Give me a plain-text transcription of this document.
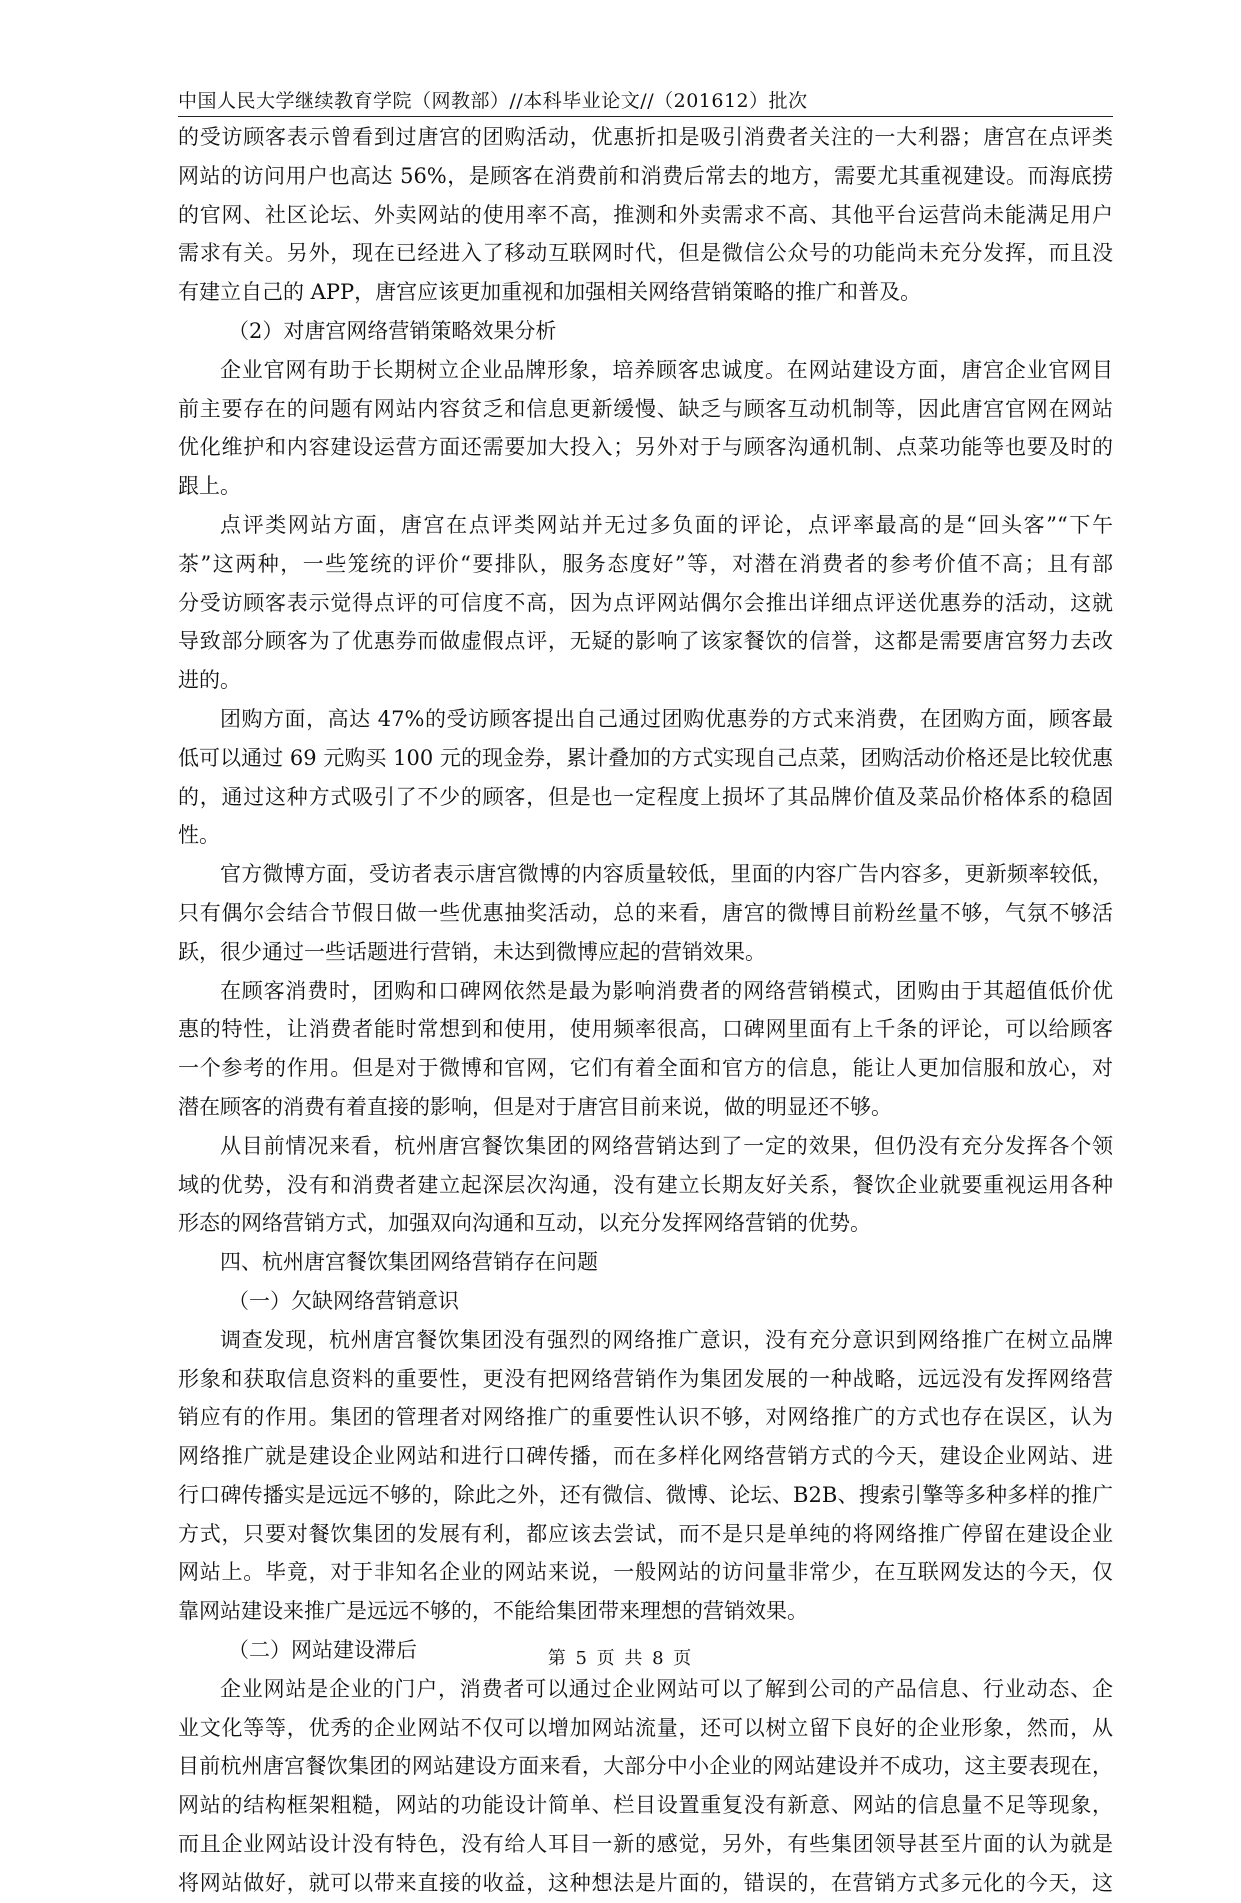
中国人民大学继续教育学院（网教部）//本科毕业论文//（201612）批次
的受访顾客表示曾看到过唐宫的团购活动，优惠折扣是吸引消费者关注的一大利器；唐宫在点评类
网站的访问用户也高达 56%，是顾客在消费前和消费后常去的地方，需要尤其重视建设。而海底捞
的官网、社区论坛、外卖网站的使用率不高，推测和外卖需求不高、其他平台运营尚未能满足用户
需求有关。另外，现在已经进入了移动互联网时代，但是微信公众号的功能尚未充分发挥，而且没
有建立自己的 APP，唐宫应该更加重视和加强相关网络营销策略的推广和普及。
（2）对唐宫网络营销策略效果分析
企业官网有助于长期树立企业品牌形象，培养顾客忠诚度。在网站建设方面，唐宫企业官网目
前主要存在的问题有网站内容贫乏和信息更新缓慢、缺乏与顾客互动机制等，因此唐宫官网在网站
优化维护和内容建设运营方面还需要加大投入；另外对于与顾客沟通机制、点菜功能等也要及时的
跟上。
点评类网站方面，唐宫在点评类网站并无过多负面的评论，点评率最高的是“回头客”“下午
茶”这两种，一些笼统的评价“要排队，服务态度好”等，对潜在消费者的参考价值不高；且有部
分受访顾客表示觉得点评的可信度不高，因为点评网站偶尔会推出详细点评送优惠券的活动，这就
导致部分顾客为了优惠券而做虚假点评，无疑的影响了该家餐饮的信誉，这都是需要唐宫努力去改
进的。
团购方面，高达 47%的受访顾客提出自己通过团购优惠券的方式来消费，在团购方面，顾客最
低可以通过 69 元购买 100 元的现金券，累计叠加的方式实现自己点菜，团购活动价格还是比较优惠
的，通过这种方式吸引了不少的顾客，但是也一定程度上损坏了其品牌价值及菜品价格体系的稳固
性。
官方微博方面，受访者表示唐宫微博的内容质量较低，里面的内容广告内容多，更新频率较低，
只有偶尔会结合节假日做一些优惠抽奖活动，总的来看，唐宫的微博目前粉丝量不够，气氛不够活
跃，很少通过一些话题进行营销，未达到微博应起的营销效果。
在顾客消费时，团购和口碑网依然是最为影响消费者的网络营销模式，团购由于其超值低价优
惠的特性，让消费者能时常想到和使用，使用频率很高，口碑网里面有上千条的评论，可以给顾客
一个参考的作用。但是对于微博和官网，它们有着全面和官方的信息，能让人更加信服和放心，对
潜在顾客的消费有着直接的影响，但是对于唐宫目前来说，做的明显还不够。
从目前情况来看，杭州唐宫餐饮集团的网络营销达到了一定的效果，但仍没有充分发挥各个领
域的优势，没有和消费者建立起深层次沟通，没有建立长期友好关系，餐饮企业就要重视运用各种
形态的网络营销方式，加强双向沟通和互动，以充分发挥网络营销的优势。
四、杭州唐宫餐饮集团网络营销存在问题
（一）欠缺网络营销意识
调查发现，杭州唐宫餐饮集团没有强烈的网络推广意识，没有充分意识到网络推广在树立品牌
形象和获取信息资料的重要性，更没有把网络营销作为集团发展的一种战略，远远没有发挥网络营
销应有的作用。集团的管理者对网络推广的重要性认识不够，对网络推广的方式也存在误区，认为
网络推广就是建设企业网站和进行口碑传播，而在多样化网络营销方式的今天，建设企业网站、进
行口碑传播实是远远不够的，除此之外，还有微信、微博、论坛、B2B、搜索引擎等多种多样的推广
方式，只要对餐饮集团的发展有利，都应该去尝试，而不是只是单纯的将网络推广停留在建设企业
网站上。毕竟，对于非知名企业的网站来说，一般网站的访问量非常少，在互联网发达的今天，仅
靠网站建设来推广是远远不够的，不能给集团带来理想的营销效果。
（二）网站建设滞后
企业网站是企业的门户，消费者可以通过企业网站可以了解到公司的产品信息、行业动态、企
业文化等等，优秀的企业网站不仅可以增加网站流量，还可以树立留下良好的企业形象，然而，从
目前杭州唐宫餐饮集团的网站建设方面来看，大部分中小企业的网站建设并不成功，这主要表现在，
网站的结构框架粗糙，网站的功能设计简单、栏目设置重复没有新意、网站的信息量不足等现象，
而且企业网站设计没有特色，没有给人耳目一新的感觉，另外，有些集团领导甚至片面的认为就是
将网站做好，就可以带来直接的收益，这种想法是片面的，错误的，在营销方式多元化的今天，这
第 5 页 共 8 页
